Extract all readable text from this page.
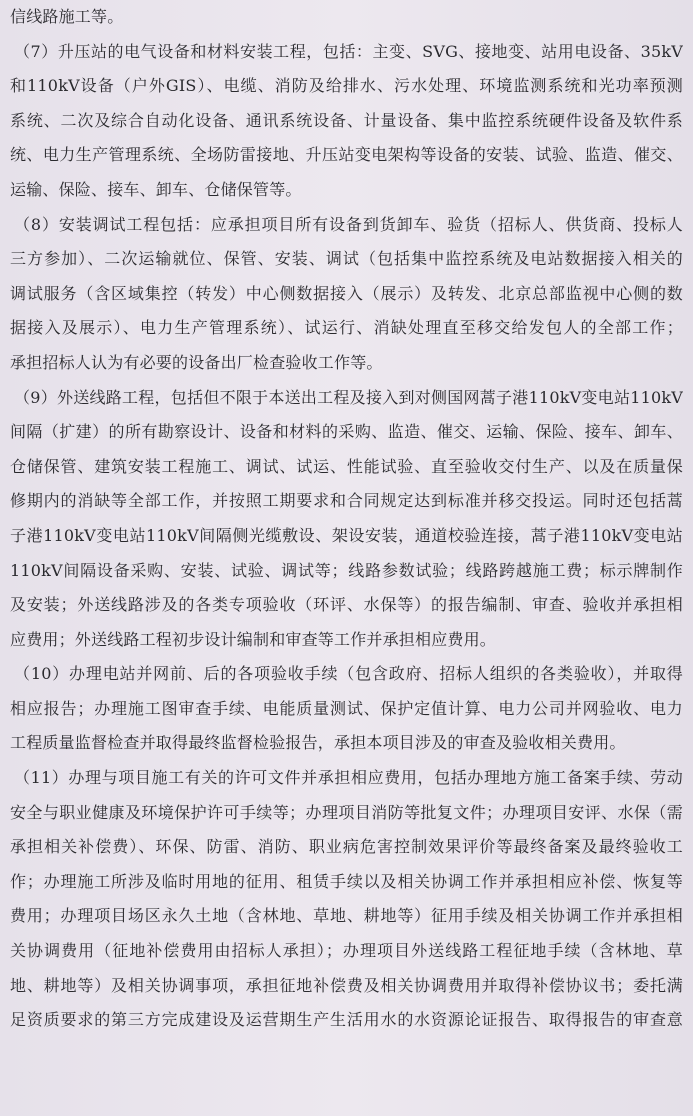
信线路施工等。
（7）升压站的电气设备和材料安装工程，包括：主变、SVG、接地变、站用电设备、35kV
和110kV设备（户外GIS）、电缆、消防及给排水、污水处理、环境监测系统和光功率预测
系统、二次及综合自动化设备、通讯系统设备、计量设备、集中监控系统硬件设备及软件系
统、电力生产管理系统、全场防雷接地、升压站变电架构等设备的安装、试验、监造、催交、
运输、保险、接车、卸车、仓储保管等。
（8）安装调试工程包括：应承担项目所有设备到货卸车、验货（招标人、供货商、投标人
三方参加）、二次运输就位、保管、安装、调试（包括集中监控系统及电站数据接入相关的
调试服务（含区域集控（转发）中心侧数据接入（展示）及转发、北京总部监视中心侧的数
据接入及展示）、电力生产管理系统）、试运行、消缺处理直至移交给发包人的全部工作；
承担招标人认为有必要的设备出厂检查验收工作等。
（9）外送线路工程，包括但不限于本送出工程及接入到对侧国网蒿子港110kV变电站110kV
间隔（扩建）的所有勘察设计、设备和材料的采购、监造、催交、运输、保险、接车、卸车、
仓储保管、建筑安装工程施工、调试、试运、性能试验、直至验收交付生产、以及在质量保
修期内的消缺等全部工作，并按照工期要求和合同规定达到标准并移交投运。同时还包括蒿
子港110kV变电站110kV间隔侧光缆敷设、架设安装，通道校验连接，蒿子港110kV变电站
110kV间隔设备采购、安装、试验、调试等；线路参数试验；线路跨越施工费；标示牌制作
及安装；外送线路涉及的各类专项验收（环评、水保等）的报告编制、审查、验收并承担相
应费用；外送线路工程初步设计编制和审查等工作并承担相应费用。
（10）办理电站并网前、后的各项验收手续（包含政府、招标人组织的各类验收），并取得
相应报告；办理施工图审查手续、电能质量测试、保护定值计算、电力公司并网验收、电力
工程质量监督检查并取得最终监督检验报告，承担本项目涉及的审查及验收相关费用。
（11）办理与项目施工有关的许可文件并承担相应费用，包括办理地方施工备案手续、劳动
安全与职业健康及环境保护许可手续等；办理项目消防等批复文件；办理项目安评、水保（需
承担相关补偿费）、环保、防雷、消防、职业病危害控制效果评价等最终备案及最终验收工
作；办理施工所涉及临时用地的征用、租赁手续以及相关协调工作并承担相应补偿、恢复等
费用；办理项目场区永久土地（含林地、草地、耕地等）征用手续及相关协调工作并承担相
关协调费用（征地补偿费用由招标人承担）；办理项目外送线路工程征地手续（含林地、草
地、耕地等）及相关协调事项，承担征地补偿费及相关协调费用并取得补偿协议书；委托满
足资质要求的第三方完成建设及运营期生产生活用水的水资源论证报告、取得报告的审查意
